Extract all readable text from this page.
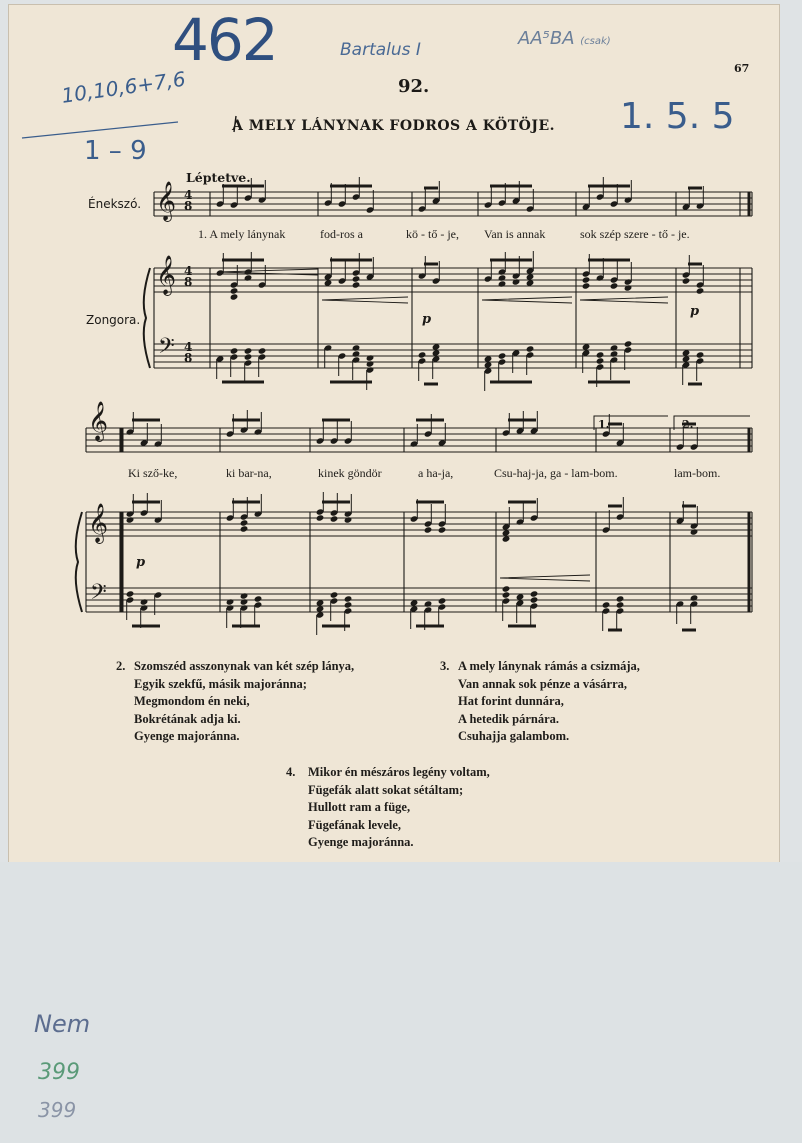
462	Bartalus I
AA⁵BA (csak)
10,10,6+7,6
1 – 9
1. 5. 5
67
92.
A MELY LÁNYNAK FODROS A KÖTÖJE.
Léptetve.
Énekszó.
Zongora.
𝄞
𝄞
𝄢
𝄞
𝄞
𝄢
4
8
4
8
4
8
p
p
p
1.	2.
1. A mely lánynak	fod-ros a	kö - tő - je, Van is annak	sok szép szere - tő - je.
Ki sző-ke,	ki bar-na,	kinek göndör	a ha-ja,	Csu-haj-ja, ga - lam-bom.	lam-bom.
2. Szomszéd asszonynak van két szép lánya,
Egyik szekfű, másik majoránna;
Megmondom én neki,
Bokrétának adja ki.
Gyenge majoránna.
3. A mely lánynak rámás a csizmája,
Van annak sok pénze a vásárra,
Hat forint dunnára,
A hetedik párnára.
Csuhajja galambom.
4. Mikor én mészáros legény voltam,
Fügefák alatt sokat sétáltam;
Hullott ram a füge,
Fügefának levele,
Gyenge majoránna.
Nem
399
399
